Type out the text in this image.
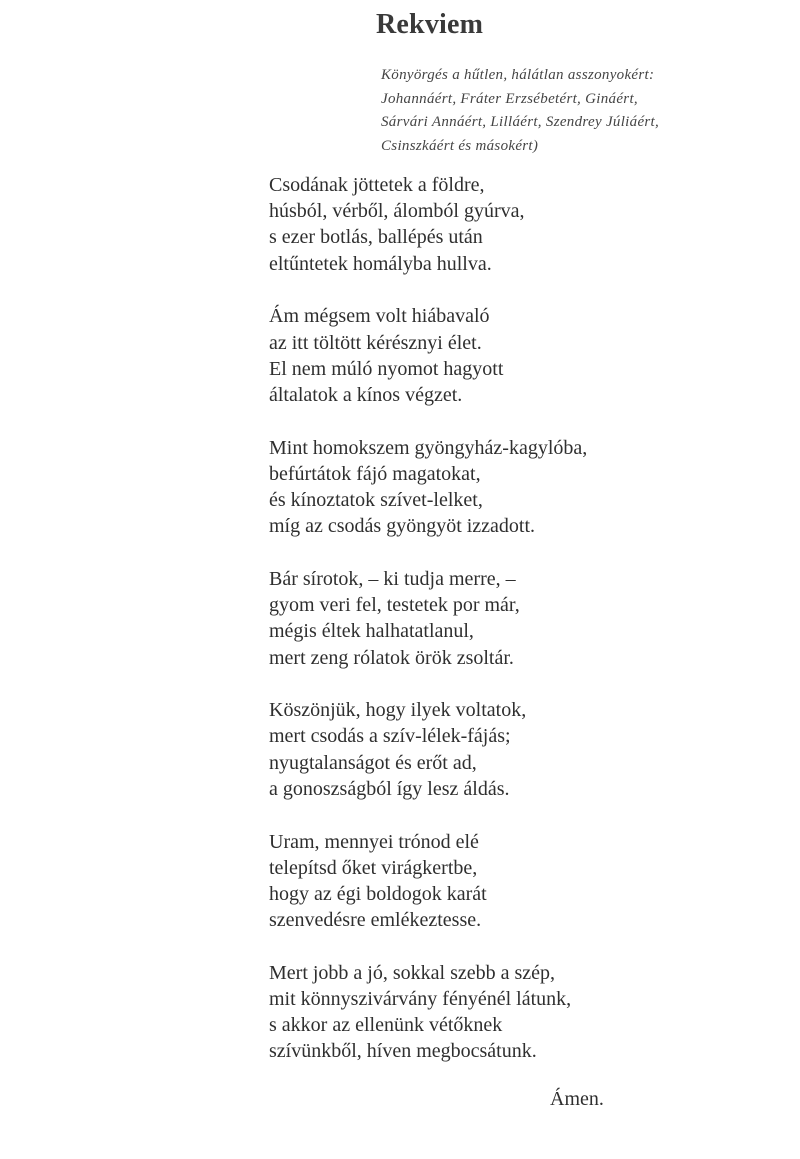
Rekviem
Könyörgés a hűtlen, hálátlan asszonyokért:
Johannáért, Fráter Erzsébetért, Gináért,
Sárvári Annáért, Lilláért, Szendrey Júliáért,
Csinszkáért és másokért)
Csodának jöttetek a földre,
húsból, vérből, álomból gyúrva,
s ezer botlás, ballépés után
eltűntetek homályba hullva.
Ám mégsem volt hiábavaló
az itt töltött kérésznyi élet.
El nem múló nyomot hagyott
általatok a kínos végzet.
Mint homokszem gyöngyház-kagylóba,
befúrtátok fájó magatokat,
és kínoztatok szívet-lelket,
míg az csodás gyöngyöt izzadott.
Bár sírotok, – ki tudja merre, –
gyom veri fel, testetek por már,
mégis éltek halhatatlanul,
mert zeng rólatok örök zsoltár.
Köszönjük, hogy ilyek voltatok,
mert csodás a szív-lélek-fájás;
nyugtalanságot és erőt ad,
a gonoszságból így lesz áldás.
Uram, mennyei trónod elé
telepítsd őket virágkertbe,
hogy az égi boldogok karát
szenvedésre emlékeztesse.
Mert jobb a jó, sokkal szebb a szép,
mit könnyszivárvány fényénél látunk,
s akkor az ellenünk vétőknek
szívünkből, híven megbocsátunk.
Ámen.
